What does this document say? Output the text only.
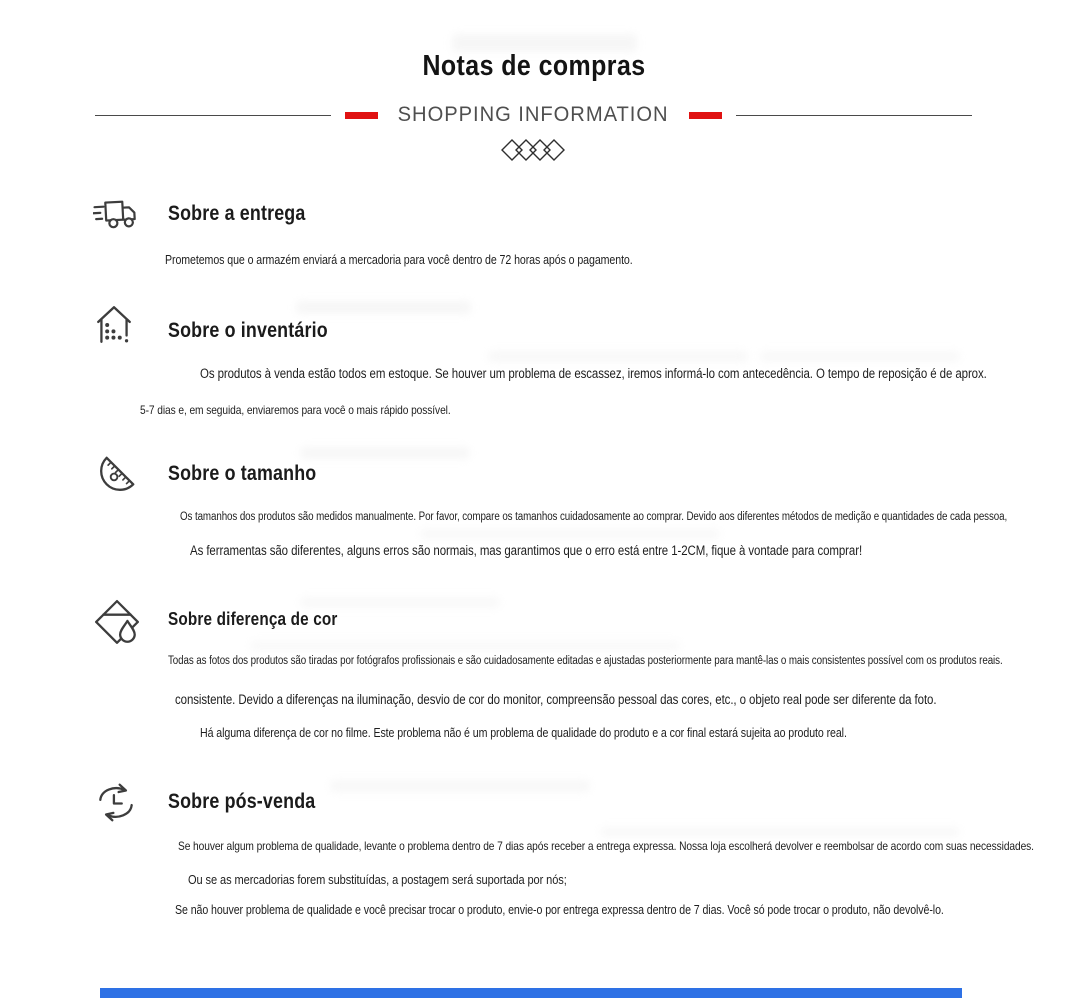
Notas de compras
SHOPPING INFORMATION
Sobre a entrega

Prometemos que o armazém enviará a mercadoria para você dentro de 72 horas após o pagamento.

Sobre o inventário

Os produtos à venda estão todos em estoque. Se houver um problema de escassez, iremos informá-lo com antecedência. O tempo de reposição é de aprox.

5-7 dias e, em seguida, enviaremos para você o mais rápido possível.

Sobre o tamanho

Os tamanhos dos produtos são medidos manualmente. Por favor, compare os tamanhos cuidadosamente ao comprar. Devido aos diferentes métodos de medição e quantidades de cada pessoa,

As ferramentas são diferentes, alguns erros são normais, mas garantimos que o erro está entre 1-2CM, fique à vontade para comprar!

Sobre diferença de cor

Todas as fotos dos produtos são tiradas por fotógrafos profissionais e são cuidadosamente editadas e ajustadas posteriormente para mantê-las o mais consistentes possível com os produtos reais.

consistente. Devido a diferenças na iluminação, desvio de cor do monitor, compreensão pessoal das cores, etc., o objeto real pode ser diferente da foto.

Há alguma diferença de cor no filme. Este problema não é um problema de qualidade do produto e a cor final estará sujeita ao produto real.

Sobre pós-venda

Se houver algum problema de qualidade, levante o problema dentro de 7 dias após receber a entrega expressa. Nossa loja escolherá devolver e reembolsar de acordo com suas necessidades.

Ou se as mercadorias forem substituídas, a postagem será suportada por nós;

Se não houver problema de qualidade e você precisar trocar o produto, envie-o por entrega expressa dentro de 7 dias. Você só pode trocar o produto, não devolvê-lo.
